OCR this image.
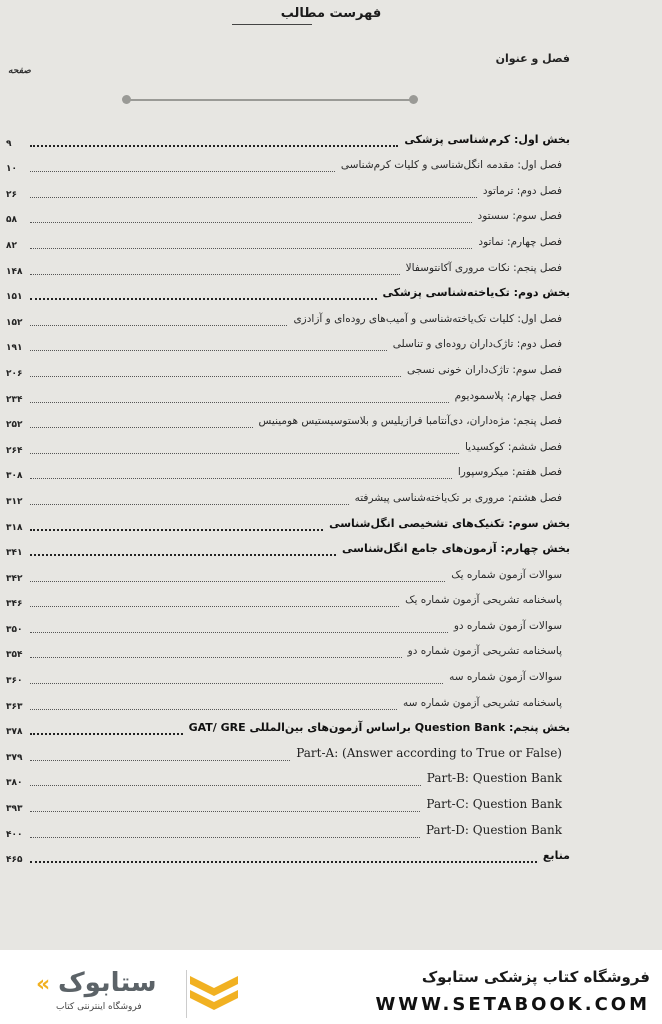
فهرست مطالب
فصل و عنوان
صفحه
بخش اول: کرم‌شناسی پزشکی
۹
فصل اول: مقدمه انگل‌شناسی و کلیات کرم‌شناسی
۱۰
فصل دوم: ترماتود
۲۶
فصل سوم: سستود
۵۸
فصل چهارم: نماتود
۸۲
فصل پنجم: نکات مروری آکانتوسفالا
۱۴۸
بخش دوم: تک‌یاخته‌شناسی پزشکی
۱۵۱
فصل اول: کلیات تک‌یاخته‌شناسی و آمیب‌های روده‌ای و آزادزی
۱۵۲
فصل دوم: تاژک‌داران روده‌ای و تناسلی
۱۹۱
فصل سوم: تاژک‌داران خونی نسجی
۲۰۶
فصل چهارم: پلاسمودیوم
۲۳۴
فصل پنجم: مژه‌داران، دی‌آنتامبا فرازیلیس و بلاستوسیستیس هومینیس
۲۵۲
فصل ششم: کوکسیدیا
۲۶۴
فصل هفتم: میکروسپورا
۳۰۸
فصل هشتم: مروری بر تک‌یاخته‌شناسی پیشرفته
۳۱۲
بخش سوم: تکنیک‌های تشخیصی انگل‌شناسی
۳۱۸
بخش چهارم: آزمون‌های جامع انگل‌شناسی
۳۴۱
سوالات آزمون شماره یک
۳۴۲
پاسخنامه تشریحی آزمون شماره یک
۳۴۶
سوالات آزمون شماره دو
۳۵۰
پاسخنامه تشریحی آزمون شماره دو
۳۵۴
سوالات آزمون شماره سه
۳۶۰
پاسخنامه تشریحی آزمون شماره سه
۳۶۳
بخش پنجم: Question Bank براساس آزمون‌های بین‌المللی GAT/ GRE
۳۷۸
Part-A: (Answer according to True or False)
۳۷۹
Part-B: Question Bank
۳۸۰
Part-C: Question Bank
۳۹۳
Part-D: Question Bank
۴۰۰
منابع
۴۶۵
فروشگاه کتاب پزشکی ستابوک
WWW.SETABOOK.COM
ستابوک
«
فروشگاه اینترنتی کتاب
